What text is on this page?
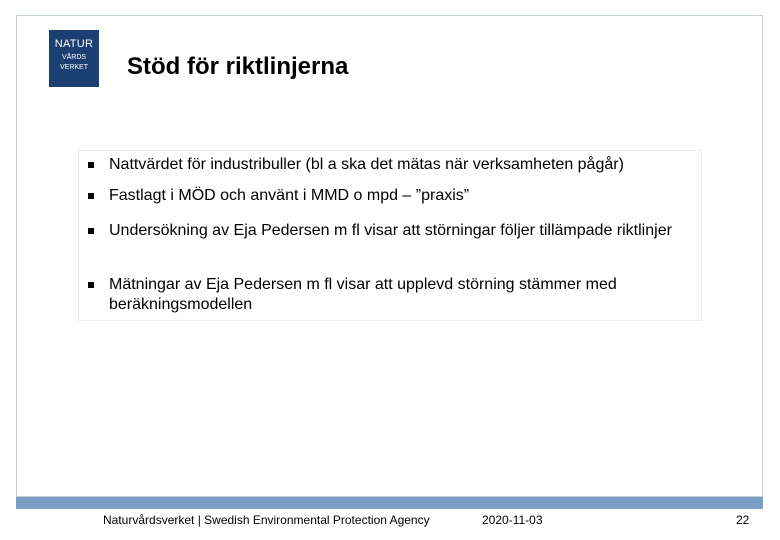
NATUR
VÅRDS
VERKET	Stöd för riktlinjerna
Nattvärdet för industribuller (bl a ska det mätas när verksamheten pågår)
Fastlagt i MÖD och använt i MMD o mpd – ”praxis”
Undersökning av Eja Pedersen m fl visar att störningar följer tillämpade riktlinjer
Mätningar av Eja Pedersen m fl visar att upplevd störning stämmer med beräkningsmodellen
Naturvårdsverket | Swedish Environmental Protection Agency	2020-11-03	22
